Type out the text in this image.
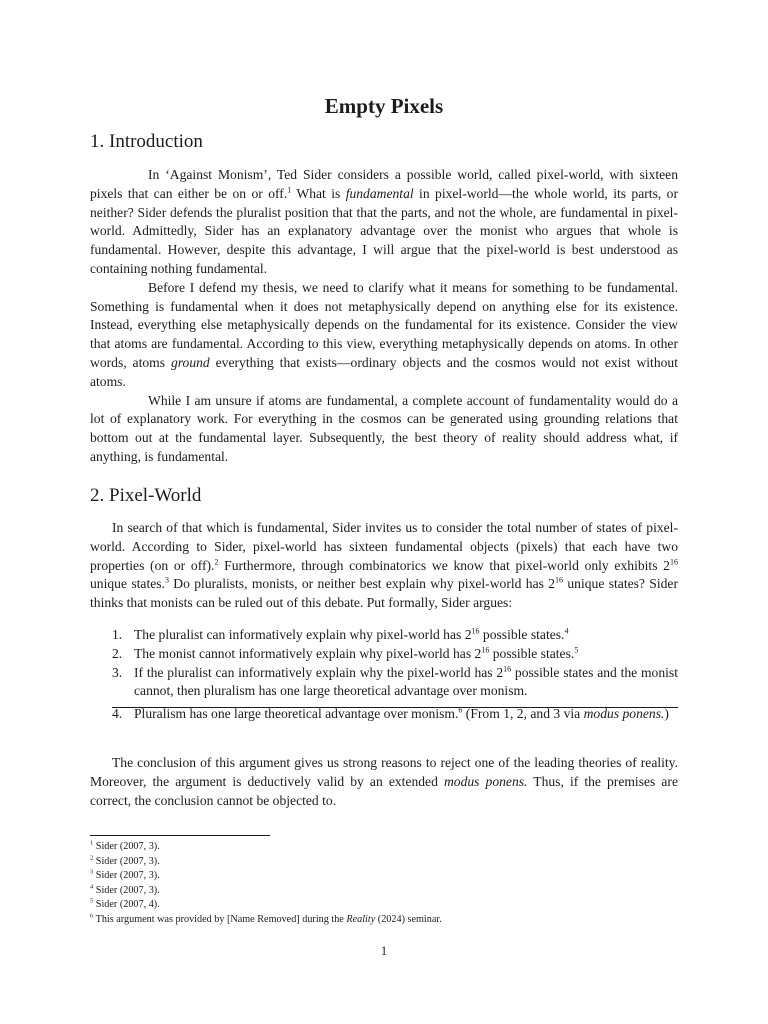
Empty Pixels
1. Introduction

In ‘Against Monism’, Ted Sider considers a possible world, called pixel-world, with sixteen pixels that can either be on or off.$^1$ What is fundamental in pixel-world—the whole world, its parts, or neither? Sider defends the pluralist position that that the parts, and not the whole, are fundamental in pixel-world. Admittedly, Sider has an explanatory advantage over the monist who argues that whole is fundamental. However, despite this advantage, I will argue that the pixel-world is best understood as containing nothing fundamental.

Before I defend my thesis, we need to clarify what it means for something to be fundamental. Something is fundamental when it does not metaphysically depend on anything else for its existence. Instead, everything else metaphysically depends on the fundamental for its existence. Consider the view that atoms are fundamental. According to this view, everything metaphysically depends on atoms. In other words, atoms ground everything that exists—ordinary objects and the cosmos would not exist without atoms.

While I am unsure if atoms are fundamental, a complete account of fundamentality would do a lot of explanatory work. For everything in the cosmos can be generated using grounding relations that bottom out at the fundamental layer. Subsequently, the best theory of reality should address what, if anything, is fundamental.

2. Pixel-World

In search of that which is fundamental, Sider invites us to consider the total number of states of pixel-world. According to Sider, pixel-world has sixteen fundamental objects (pixels) that each have two properties (on or off).$^2$ Furthermore, through combinatorics we know that pixel-world only exhibits $2^{16}$ unique states.$^3$ Do pluralists, monists, or neither best explain why pixel-world has $2^{16}$ unique states? Sider thinks that monists can be ruled out of this debate. Put formally, Sider argues:

1. The pluralist can informatively explain why pixel-world has $2^{16}$ possible states.$^4$
2. The monist cannot informatively explain why pixel-world has $2^{16}$ possible states.$^5$
3. If the pluralist can informatively explain why the pixel-world has $2^{16}$ possible states and the monist cannot, then pluralism has one large theoretical advantage over monism.
4. Pluralism has one large theoretical advantage over monism.$^6$ (From 1, 2, and 3 via modus ponens.)

The conclusion of this argument gives us strong reasons to reject one of the leading theories of reality. Moreover, the argument is deductively valid by an extended modus ponens. Thus, if the premises are correct, the conclusion cannot be objected to.

$^1$ Sider (2007, 3).
$^2$ Sider (2007, 3).
$^3$ Sider (2007, 3).
$^4$ Sider (2007, 3).
$^5$ Sider (2007, 4).
$^6$ This argument was provided by [Name Removed] during the Reality (2024) seminar.
1
